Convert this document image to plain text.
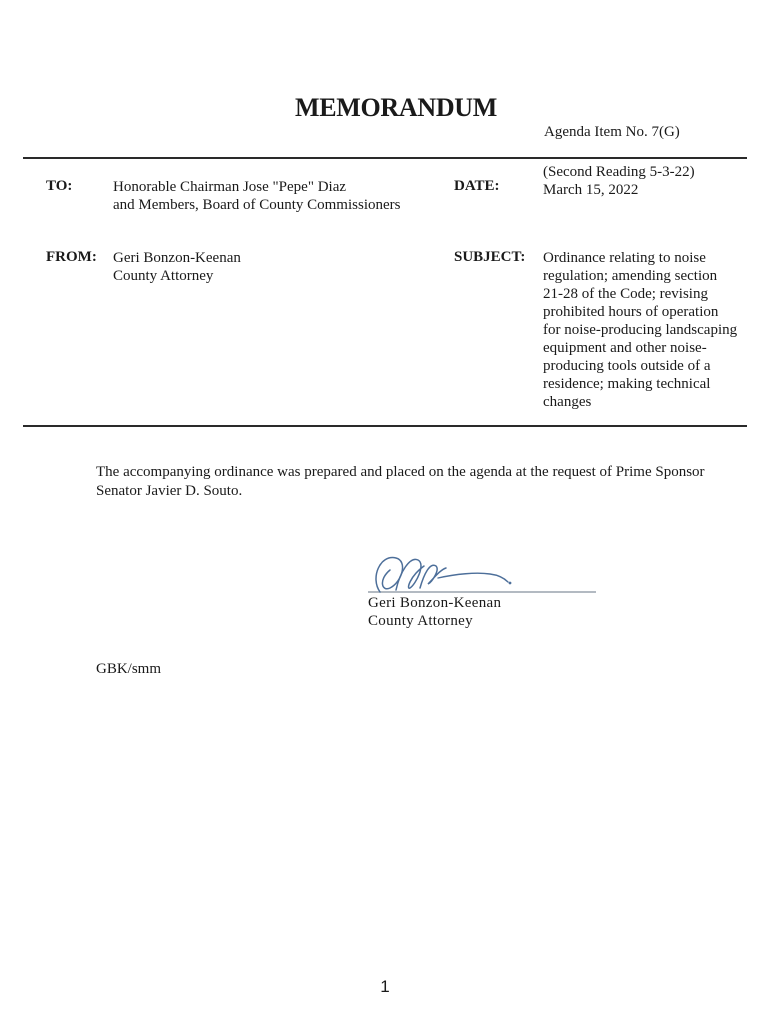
MEMORANDUM
Agenda Item No. 7(G)
TO:	Honorable Chairman Jose "Pepe" Diaz
and Members, Board of County Commissioners
DATE:
(Second Reading 5-3-22)
March 15, 2022
FROM: Geri Bonzon-Keenan
County Attorney
SUBJECT: Ordinance relating to noise
regulation; amending section
21-28 of the Code; revising
prohibited hours of operation
for noise-producing landscaping
equipment and other noise-
producing tools outside of a
residence; making technical
changes
The accompanying ordinance was prepared and placed on the agenda at the request of Prime Sponsor
Senator Javier D. Souto.
Geri Bonzon-Keenan
County Attorney
GBK/smm
1
